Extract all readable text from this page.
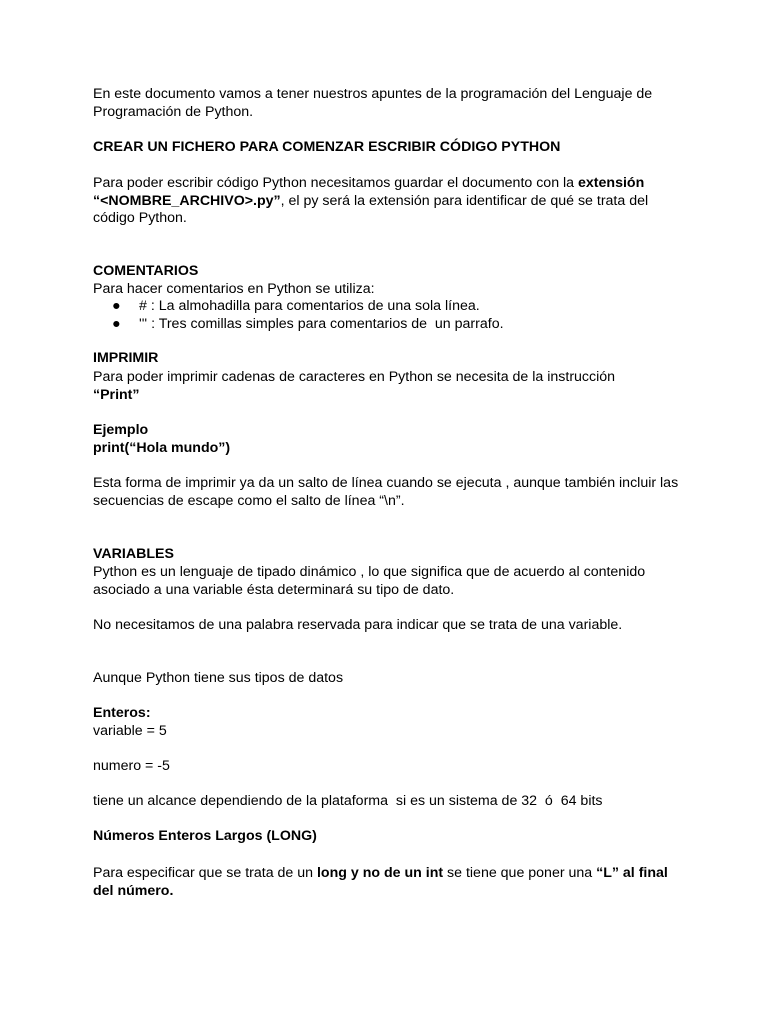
En este documento vamos a tener nuestros apuntes de la programación del Lenguaje de Programación de Python.

CREAR UN FICHERO PARA COMENZAR ESCRIBIR CÓDIGO PYTHON

Para poder escribir código Python necesitamos guardar el documento con la extensión “<NOMBRE_ARCHIVO>.py”, el py será la extensión para identificar de qué se trata del código Python.

COMENTARIOS

Para hacer comentarios en Python se utiliza:

● # : La almohadilla para comentarios de una sola línea.
● ''' : Tres comillas simples para comentarios de  un parrafo.

IMPRIMIR

Para poder imprimir cadenas de caracteres en Python se necesita de la instrucción

“Print”

Ejemplo

print(“Hola mundo”)

Esta forma de imprimir ya da un salto de línea cuando se ejecuta , aunque también incluir las secuencias de escape como el salto de línea “\n”.

VARIABLES

Python es un lenguaje de tipado dinámico , lo que significa que de acuerdo al contenido asociado a una variable ésta determinará su tipo de dato.

No necesitamos de una palabra reservada para indicar que se trata de una variable.

Aunque Python tiene sus tipos de datos

Enteros:

variable = 5

numero = -5

tiene un alcance dependiendo de la plataforma  si es un sistema de 32  ó  64 bits

Números Enteros Largos (LONG)

Para especificar que se trata de un long y no de un int se tiene que poner una “L” al final del número.
